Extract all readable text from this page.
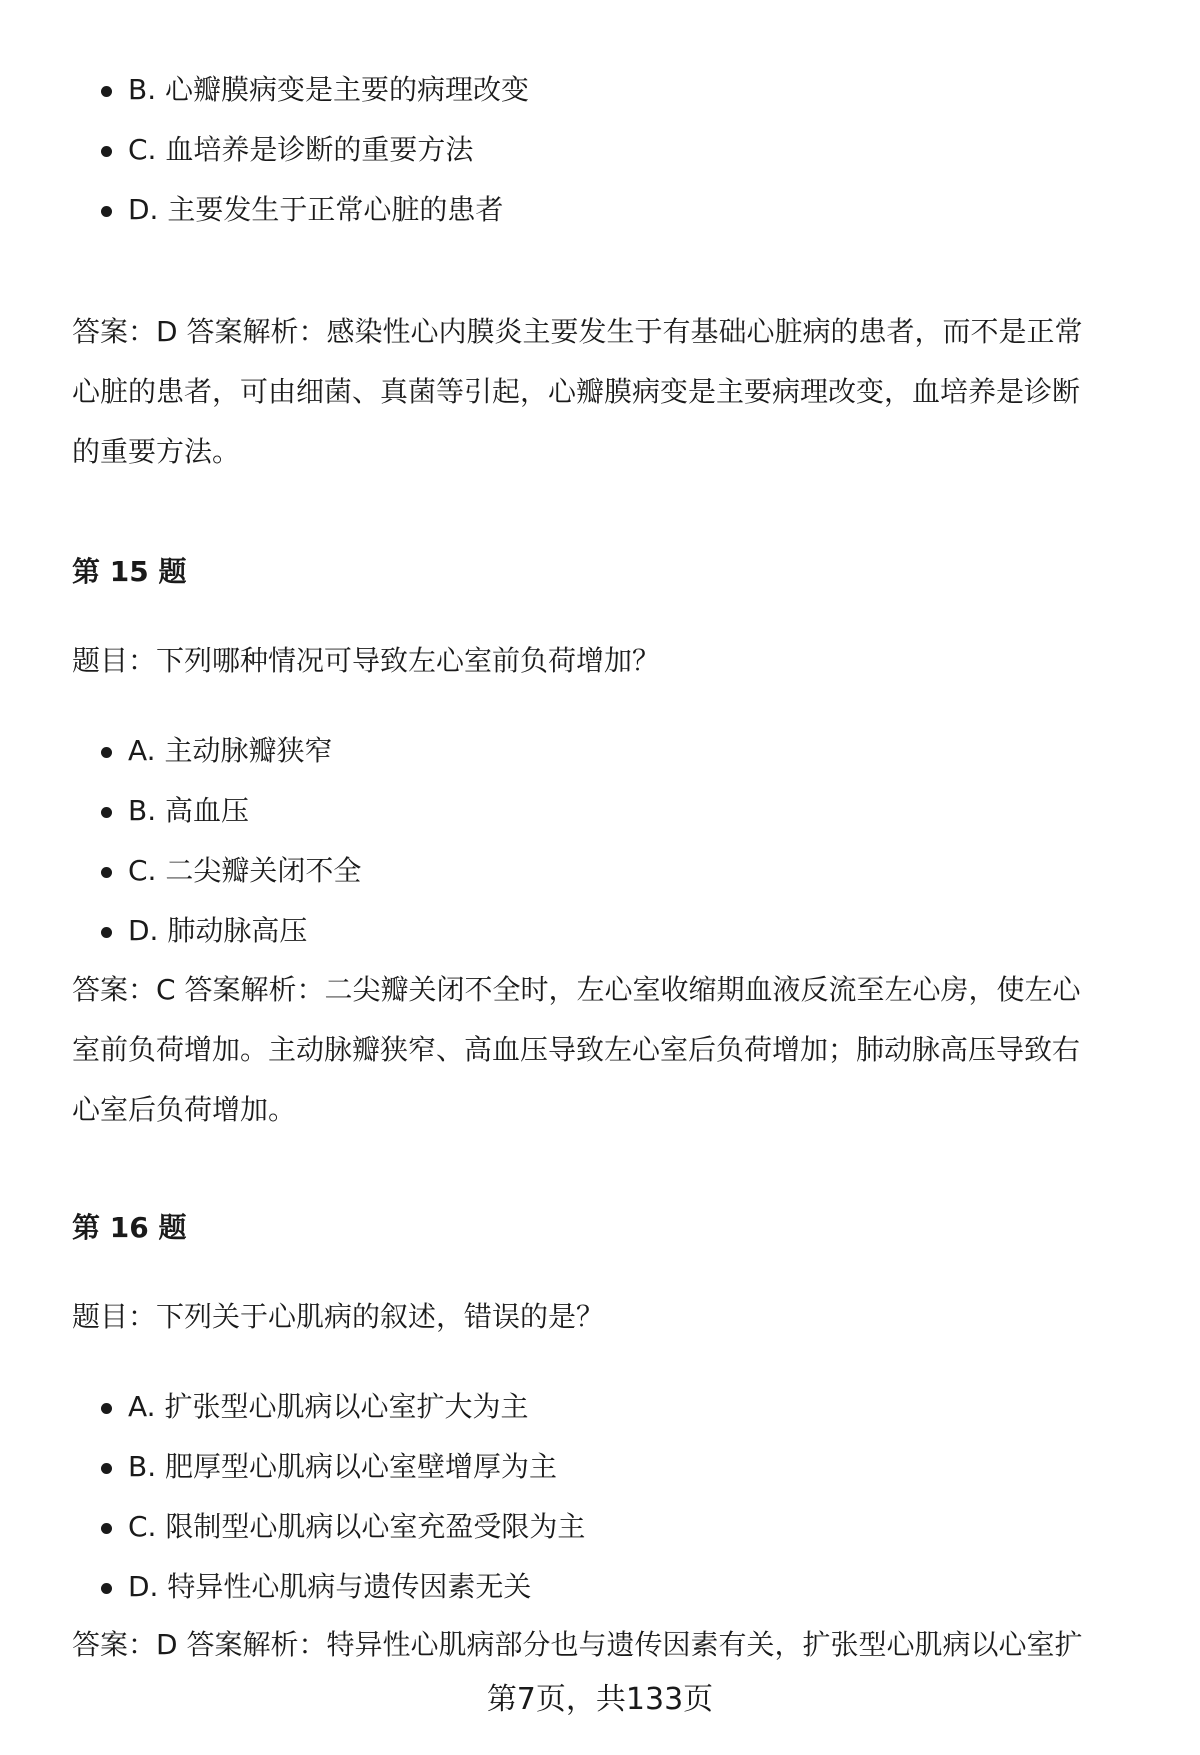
B. 心瓣膜病变是主要的病理改变
C. 血培养是诊断的重要方法
D. 主要发生于正常心脏的患者

答案：D 答案解析：感染性心内膜炎主要发生于有基础心脏病的患者，而不是正常

心脏的患者，可由细菌、真菌等引起，心瓣膜病变是主要病理改变，血培养是诊断

的重要方法。

第 15 题

题目：下列哪种情况可导致左心室前负荷增加？

A. 主动脉瓣狭窄
B. 高血压
C. 二尖瓣关闭不全
D. 肺动脉高压

答案：C 答案解析：二尖瓣关闭不全时，左心室收缩期血液反流至左心房，使左心

室前负荷增加。主动脉瓣狭窄、高血压导致左心室后负荷增加；肺动脉高压导致右

心室后负荷增加。

第 16 题

题目：下列关于心肌病的叙述，错误的是？

A. 扩张型心肌病以心室扩大为主
B. 肥厚型心肌病以心室壁增厚为主
C. 限制型心肌病以心室充盈受限为主
D. 特异性心肌病与遗传因素无关

答案：D 答案解析：特异性心肌病部分也与遗传因素有关，扩张型心肌病以心室扩

第7页，共133页
